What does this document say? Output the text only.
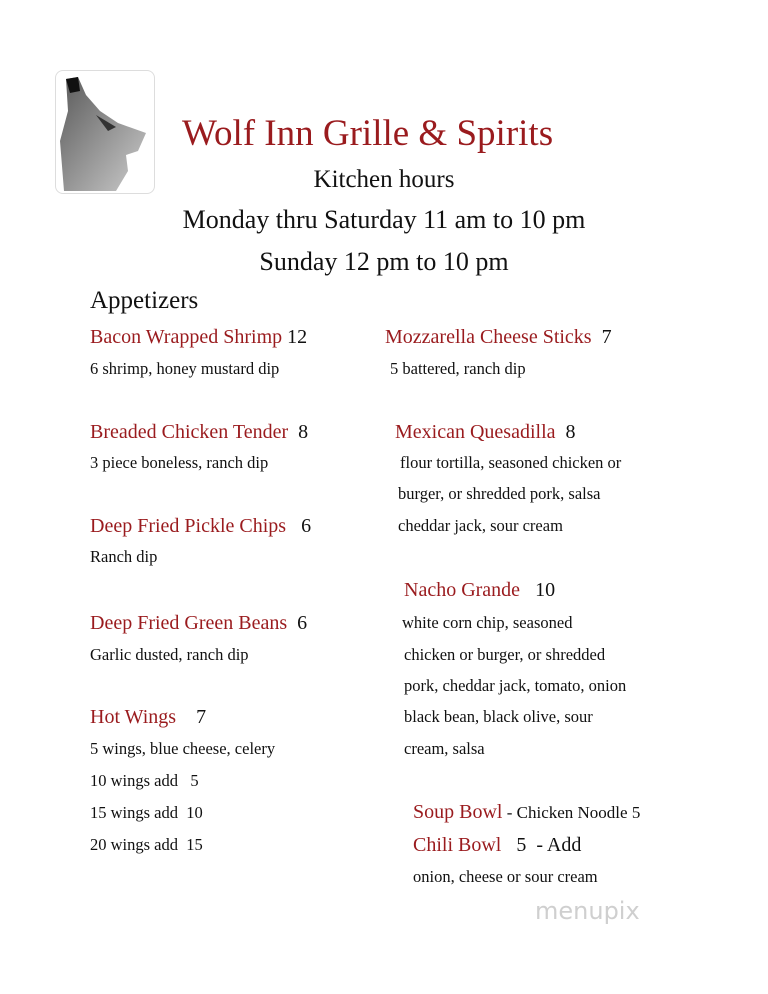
Wolf Inn Grille & Spirits
Kitchen hours
Monday thru Saturday 11 am to 10 pm
Sunday 12 pm to 10 pm
Appetizers
Bacon Wrapped Shrimp 12
6 shrimp, honey mustard dip
Breaded Chicken Tender  8
3 piece boneless, ranch dip
Deep Fried Pickle Chips   6
Ranch dip
Deep Fried Green Beans  6
Garlic dusted, ranch dip
Hot Wings    7
5 wings, blue cheese, celery
10 wings add   5
15 wings add  10
20 wings add  15
Mozzarella Cheese Sticks  7
5 battered, ranch dip
Mexican Quesadilla  8
flour tortilla, seasoned chicken or
burger, or shredded pork, salsa
cheddar jack, sour cream
Nacho Grande   10
white corn chip, seasoned
chicken or burger, or shredded
pork, cheddar jack, tomato, onion
black bean, black olive, sour
cream, salsa
Soup Bowl - Chicken Noodle 5
Chili Bowl   5  - Add
onion, cheese or sour cream
menupix
